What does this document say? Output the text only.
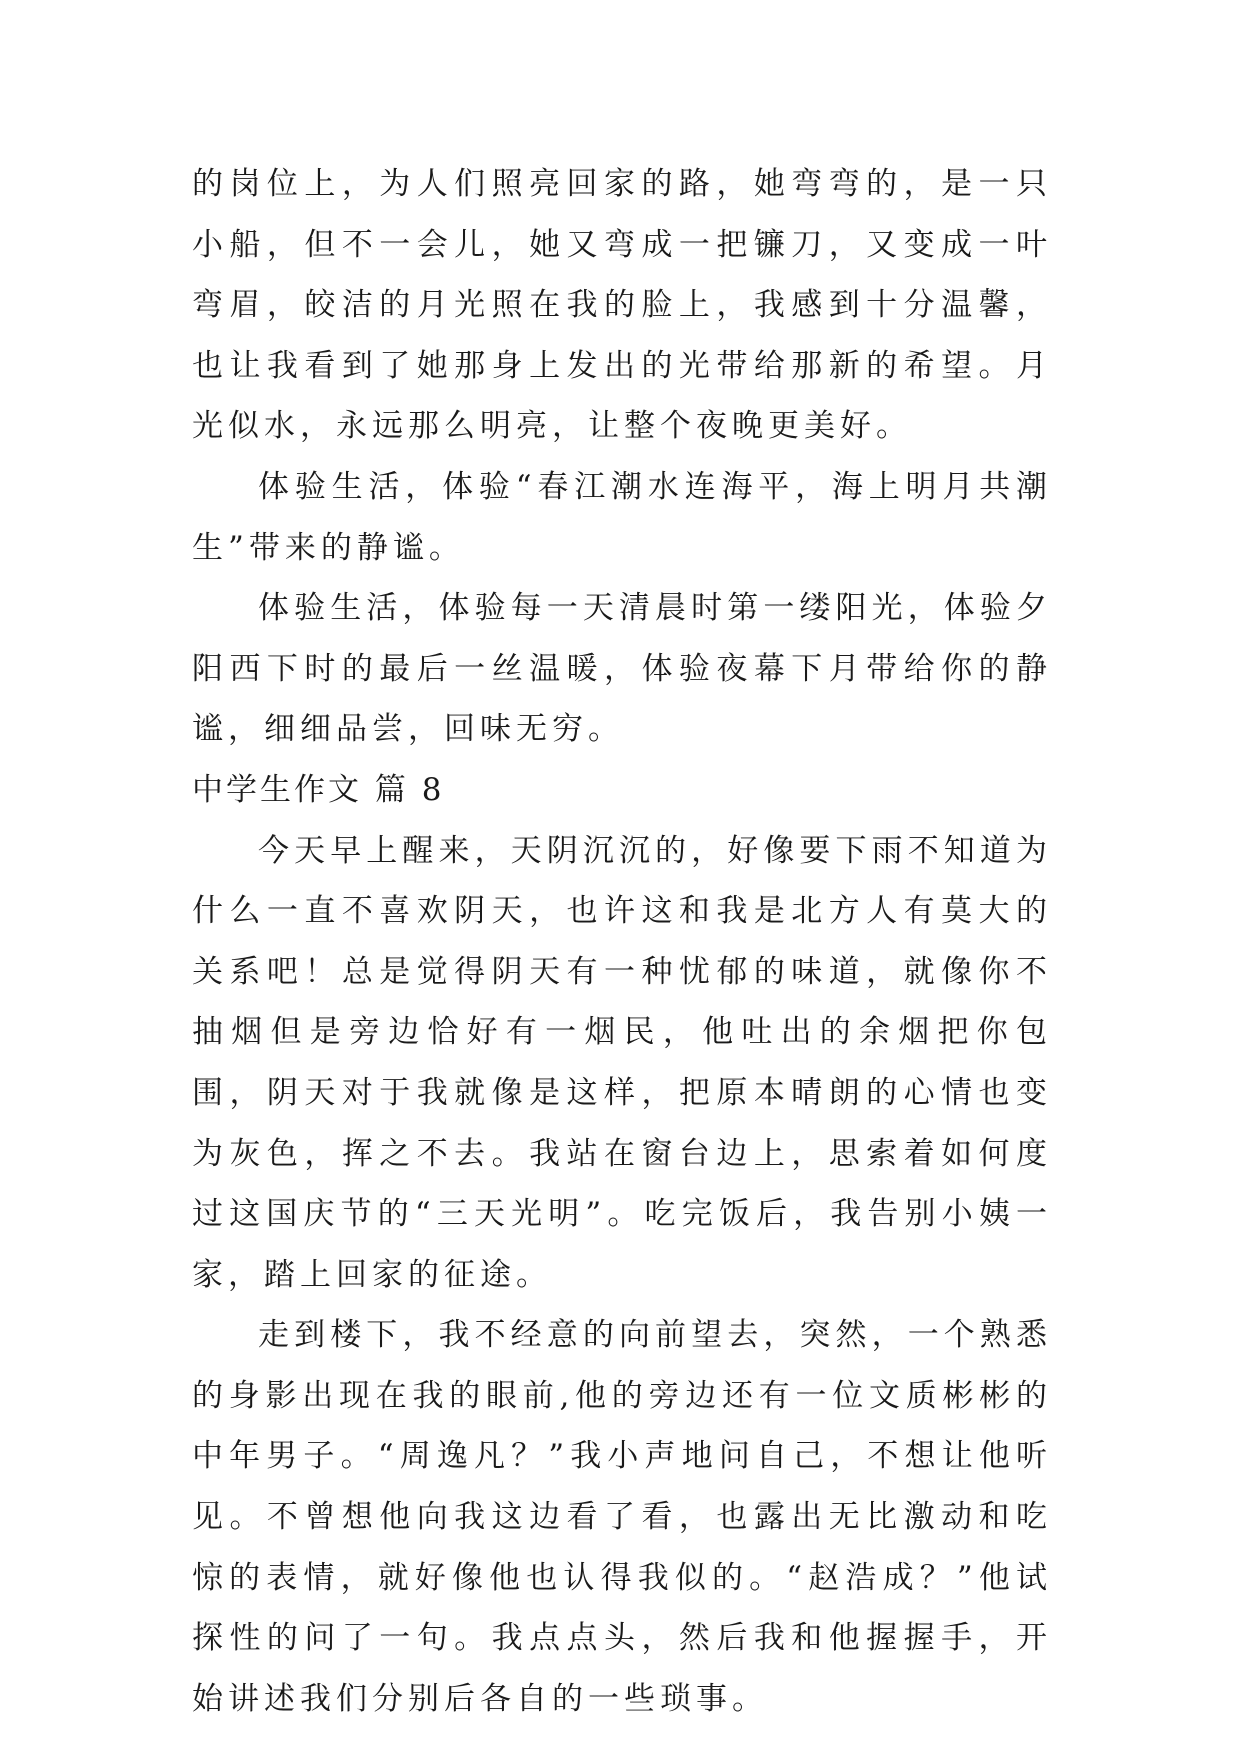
的岗位上，为人们照亮回家的路，她弯弯的，是一只小船，但不一会儿，她又弯成一把镰刀，又变成一叶弯眉，皎洁的月光照在我的脸上，我感到十分温馨，也让我看到了她那身上发出的光带给那新的希望。月光似水，永远那么明亮，让整个夜晚更美好。

体验生活，体验“春江潮水连海平，海上明月共潮生”带来的静谧。

体验生活，体验每一天清晨时第一缕阳光，体验夕阳西下时的最后一丝温暖，体验夜幕下月带给你的静谧，细细品尝，回味无穷。

中学生作文 篇 8

今天早上醒来，天阴沉沉的，好像要下雨不知道为什么一直不喜欢阴天，也许这和我是北方人有莫大的关系吧！总是觉得阴天有一种忧郁的味道，就像你不抽烟但是旁边恰好有一烟民，他吐出的余烟把你包围，阴天对于我就像是这样，把原本晴朗的心情也变为灰色，挥之不去。我站在窗台边上，思索着如何度过这国庆节的“三天光明”。吃完饭后，我告别小姨一家，踏上回家的征途。

走到楼下，我不经意的向前望去，突然，一个熟悉的身影出现在我的眼前,他的旁边还有一位文质彬彬的中年男子。“周逸凡？”我小声地问自己，不想让他听见。不曾想他向我这边看了看，也露出无比激动和吃惊的表情，就好像他也认得我似的。“赵浩成？”他试探性的问了一句。我点点头，然后我和他握握手，开始讲述我们分别后各自的一些琐事。
